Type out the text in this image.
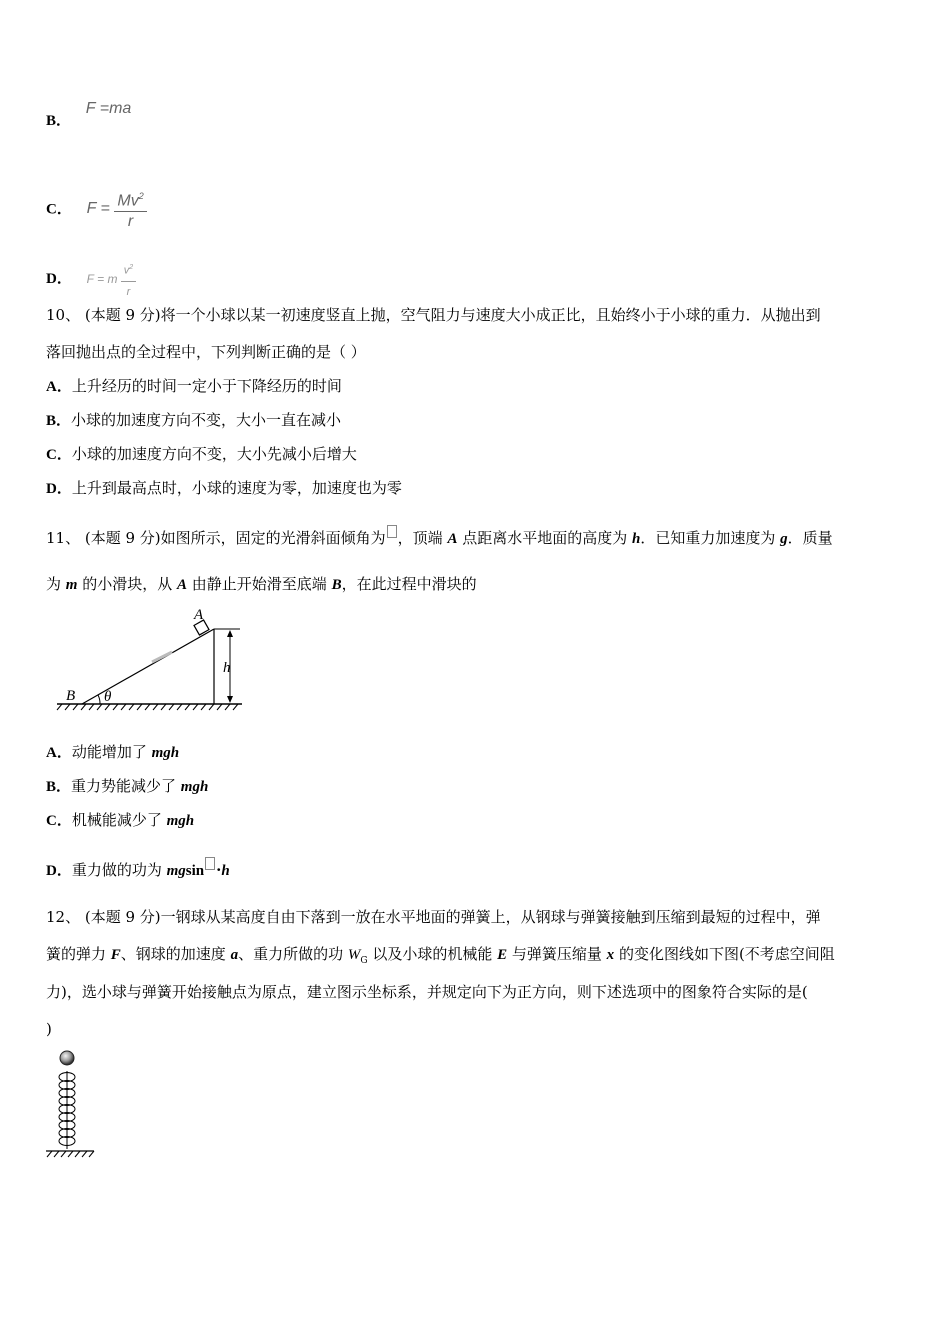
B． F =ma
C． $F = \frac{Mv^2}{r}$
D． F = m $\frac{v^2}{r}$
10、 (本题 9 分)将一个小球以某一初速度竖直上抛，空气阻力与速度大小成正比，且始终小于小球的重力．从抛出到
落回抛出点的全过程中，下列判断正确的是（ ）
A．上升经历的时间一定小于下降经历的时间
B．小球的加速度方向不变，大小一直在减小
C．小球的加速度方向不变，大小先减小后增大
D．上升到最高点时，小球的速度为零，加速度也为零
11、 (本题 9 分)如图所示，固定的光滑斜面倾角为 ，顶端 A 点距离水平地面的高度为 h．已知重力加速度为 g．质量
为 m 的小滑块，从 A 由静止开始滑至底端 B，在此过程中滑块的
A
h
B θ
A．动能增加了 mgh
B．重力势能减少了 mgh
C．机械能减少了 mgh
D．重力做的功为 mgsin ·h
12、 (本题 9 分)一钢球从某高度自由下落到一放在水平地面的弹簧上，从钢球与弹簧接触到压缩到最短的过程中，弹
簧的弹力 F、钢球的加速度 a、重力所做的功 $W_G$ 以及小球的机械能 E 与弹簧压缩量 x 的变化图线如下图(不考虑空间阻
力)，选小球与弹簧开始接触点为原点，建立图示坐标系，并规定向下为正方向，则下述选项中的图象符合实际的是(
)
